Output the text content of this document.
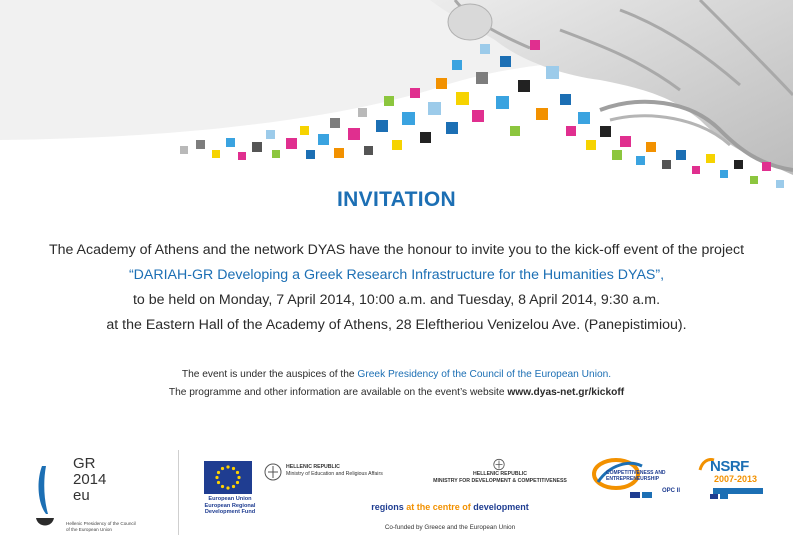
INVITATION
The Academy of Athens and the network DYAS have the honour to invite you to the kick-off event of the project
“DARIAH-GR Developing a Greek Research Infrastructure for the Humanities DYAS”,
to be held on Monday, 7 April 2014, 10:00 a.m. and Tuesday, 8 April 2014, 9:30 a.m.
at the Eastern Hall of the Academy of Athens, 28 Eleftheriou Venizelou Ave. (Panepistimiou).
The event is under the auspices of the Greek Presidency of the Council of the European Union.
The programme and other information are available on the event’s website www.dyas-net.gr/kickoff
GR
2014
eu
Hellenic Presidency of the Council
of the European Union
European Union
European Regional
Development Fund
HELLENIC REPUBLIC
Ministry of Education and Religious Affairs	HELLENIC REPUBLIC
MINISTRY FOR DEVELOPMENT & COMPETITIVENESS
regions at the centre of development
Co-funded by Greece and the European Union
COMPETITIVENESS AND
ENTREPRENEURSHIP
OPC II
NSRF
2007-2013
